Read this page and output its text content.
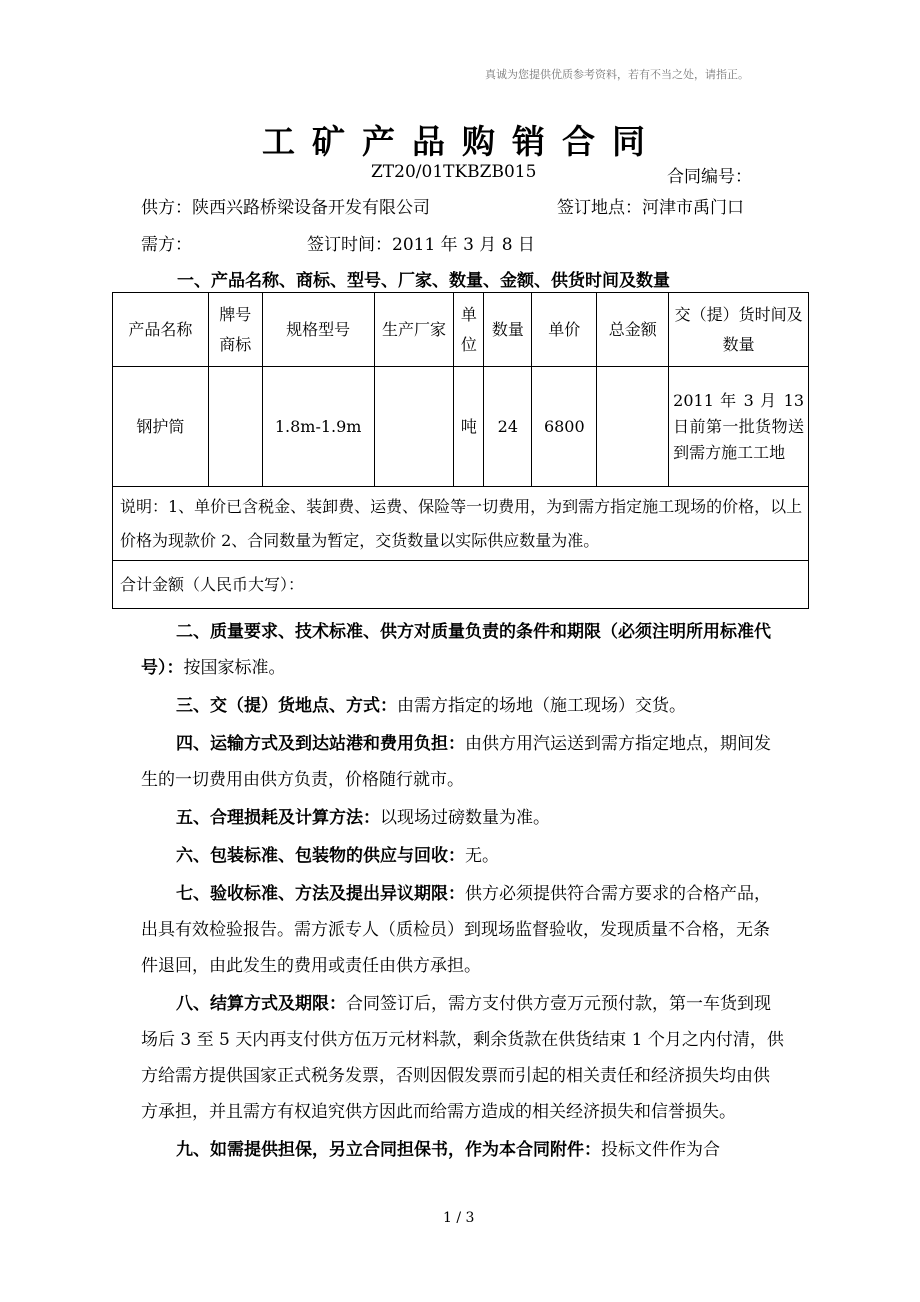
真诚为您提供优质参考资料，若有不当之处，请指正。
工矿产品购销合同
ZT20/01TKBZB015	合同编号：
供方：陕西兴路桥梁设备开发有限公司	签订地点：河津市禹门口
需方：	签订时间：2011 年 3 月 8 日
一、产品名称、商标、型号、厂家、数量、金额、供货时间及数量
产品名称	牌号商标	规格型号	生产厂家	单位	数量	单价	总金额	交（提）货时间及数量
钢护筒		1.8m-1.9m		吨	24	6800		2011 年 3 月 13 日前第一批货物送到需方施工工地
说明：1、单价已含税金、装卸费、运费、保险等一切费用，为到需方指定施工现场的价格，以上价格为现款价 2、合同数量为暂定，交货数量以实际供应数量为准。								
合计金额（人民币大写）：								

二、质量要求、技术标准、供方对质量负责的条件和期限（必须注明所用标准代号）：按国家标准。

三、交（提）货地点、方式：由需方指定的场地（施工现场）交货。

四、运输方式及到达站港和费用负担：由供方用汽运送到需方指定地点，期间发生的一切费用由供方负责，价格随行就市。

五、合理损耗及计算方法：以现场过磅数量为准。

六、包装标准、包装物的供应与回收：无。

七、验收标准、方法及提出异议期限：供方必须提供符合需方要求的合格产品，出具有效检验报告。需方派专人（质检员）到现场监督验收，发现质量不合格，无条件退回，由此发生的费用或责任由供方承担。

八、结算方式及期限：合同签订后，需方支付供方壹万元预付款，第一车货到现场后 3 至 5 天内再支付供方伍万元材料款，剩余货款在供货结束 1 个月之内付清，供方给需方提供国家正式税务发票，否则因假发票而引起的相关责任和经济损失均由供方承担，并且需方有权追究供方因此而给需方造成的相关经济损失和信誉损失。

九、如需提供担保，另立合同担保书，作为本合同附件：投标文件作为合

1 / 3
